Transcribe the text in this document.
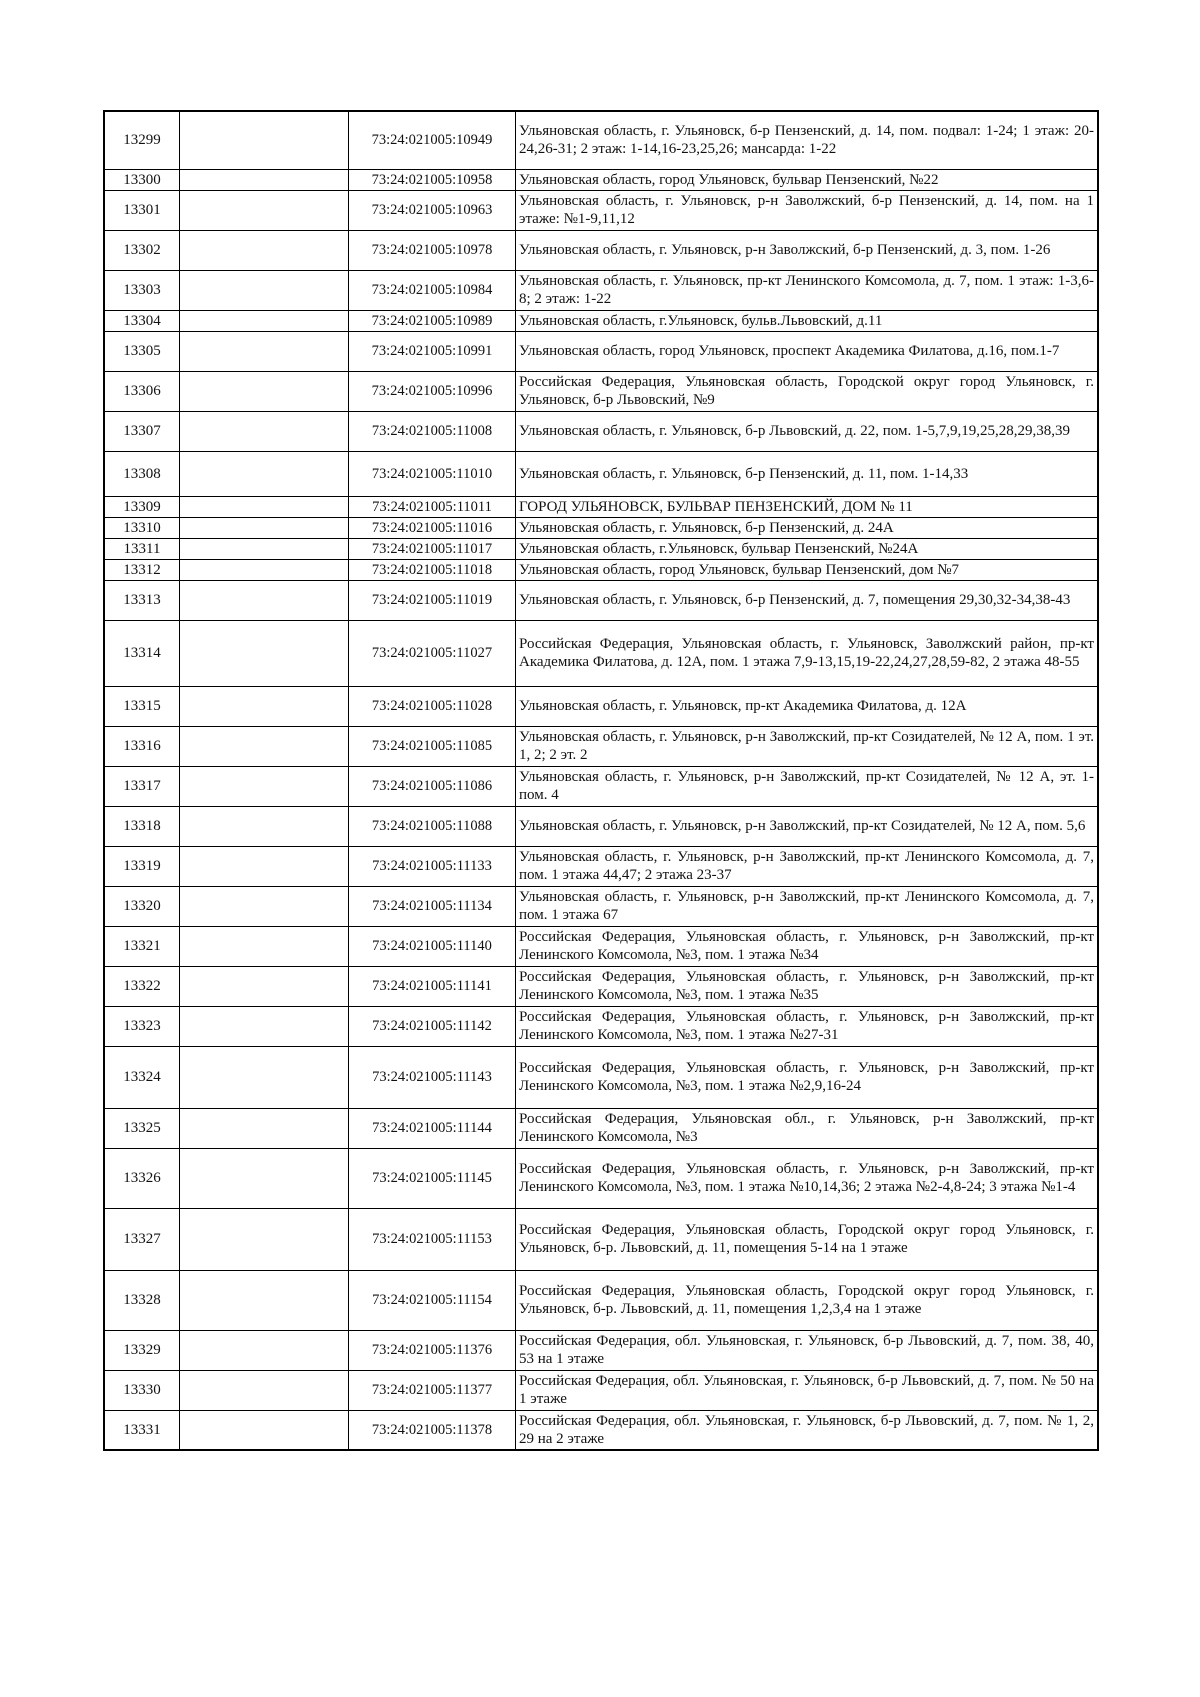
13299		73:24:021005:10949	Ульяновская область, г. Ульяновск, б-р Пензенский, д. 14, пом. подвал: 1-24; 1 этаж: 20-24,26-31; 2 этаж: 1-14,16-23,25,26; мансарда: 1-22
13300		73:24:021005:10958	Ульяновская область, город Ульяновск, бульвар Пензенский, №22
13301		73:24:021005:10963	Ульяновская область, г. Ульяновск, р-н Заволжский, б-р Пензенский, д. 14, пом. на 1 этаже: №1-9,11,12
13302		73:24:021005:10978	Ульяновская область, г. Ульяновск, р-н Заволжский, б-р Пензенский, д. 3, пом. 1-26
13303		73:24:021005:10984	Ульяновская область, г. Ульяновск, пр-кт Ленинского Комсомола, д. 7, пом. 1 этаж: 1-3,6-8; 2 этаж: 1-22
13304		73:24:021005:10989	Ульяновская область, г.Ульяновск, бульв.Львовский, д.11
13305		73:24:021005:10991	Ульяновская область, город Ульяновск, проспект Академика Филатова, д.16, пом.1-7
13306		73:24:021005:10996	Российская Федерация, Ульяновская область, Городской округ город Ульяновск, г. Ульяновск, б-р Львовский, №9
13307		73:24:021005:11008	Ульяновская область, г. Ульяновск, б-р Львовский, д. 22, пом. 1-5,7,9,19,25,28,29,38,39
13308		73:24:021005:11010	Ульяновская область, г. Ульяновск, б-р Пензенский, д. 11, пом. 1-14,33
13309		73:24:021005:11011	ГОРОД УЛЬЯНОВСК, БУЛЬВАР ПЕНЗЕНСКИЙ, ДОМ № 11
13310		73:24:021005:11016	Ульяновская область, г. Ульяновск, б-р Пензенский, д. 24А
13311		73:24:021005:11017	Ульяновская область, г.Ульяновск, бульвар Пензенский, №24А
13312		73:24:021005:11018	Ульяновская область, город Ульяновск, бульвар Пензенский, дом №7
13313		73:24:021005:11019	Ульяновская область, г. Ульяновск, б-р Пензенский, д. 7, помещения 29,30,32-34,38-43
13314		73:24:021005:11027	Российская Федерация, Ульяновская область, г. Ульяновск, Заволжский район, пр-кт Академика Филатова, д. 12А, пом. 1 этажа 7,9-13,15,19-22,24,27,28,59-82, 2 этажа 48-55
13315		73:24:021005:11028	Ульяновская область, г. Ульяновск, пр-кт Академика Филатова, д. 12А
13316		73:24:021005:11085	Ульяновская область, г. Ульяновск, р-н Заволжский, пр-кт Созидателей, № 12 А, пом. 1 эт. 1, 2; 2 эт. 2
13317		73:24:021005:11086	Ульяновская область, г. Ульяновск, р-н Заволжский, пр-кт Созидателей, № 12 А, эт. 1- пом. 4
13318		73:24:021005:11088	Ульяновская область, г. Ульяновск, р-н Заволжский, пр-кт Созидателей, № 12 А, пом. 5,6
13319		73:24:021005:11133	Ульяновская область, г. Ульяновск, р-н Заволжский, пр-кт Ленинского Комсомола, д. 7, пом. 1 этажа 44,47; 2 этажа 23-37
13320		73:24:021005:11134	Ульяновская область, г. Ульяновск, р-н Заволжский, пр-кт Ленинского Комсомола, д. 7, пом. 1 этажа 67
13321		73:24:021005:11140	Российская Федерация, Ульяновская область, г. Ульяновск, р-н Заволжский, пр-кт Ленинского Комсомола, №3, пом. 1 этажа №34
13322		73:24:021005:11141	Российская Федерация, Ульяновская область, г. Ульяновск, р-н Заволжский, пр-кт Ленинского Комсомола, №3, пом. 1 этажа №35
13323		73:24:021005:11142	Российская Федерация, Ульяновская область, г. Ульяновск, р-н Заволжский, пр-кт Ленинского Комсомола, №3, пом. 1 этажа №27-31
13324		73:24:021005:11143	Российская Федерация, Ульяновская область, г. Ульяновск, р-н Заволжский, пр-кт Ленинского Комсомола, №3, пом. 1 этажа №2,9,16-24
13325		73:24:021005:11144	Российская Федерация, Ульяновская обл., г. Ульяновск, р-н Заволжский, пр-кт Ленинского Комсомола, №3
13326		73:24:021005:11145	Российская Федерация, Ульяновская область, г. Ульяновск, р-н Заволжский, пр-кт Ленинского Комсомола, №3, пом. 1 этажа №10,14,36; 2 этажа №2-4,8-24; 3 этажа №1-4
13327		73:24:021005:11153	Российская Федерация, Ульяновская область, Городской округ город Ульяновск, г. Ульяновск, б-р. Львовский, д. 11, помещения 5-14 на 1 этаже
13328		73:24:021005:11154	Российская Федерация, Ульяновская область, Городской округ город Ульяновск, г. Ульяновск, б-р. Львовский, д. 11, помещения 1,2,3,4 на 1 этаже
13329		73:24:021005:11376	Российская Федерация, обл. Ульяновская, г. Ульяновск, б-р Львовский, д. 7, пом. 38, 40, 53 на 1 этаже
13330		73:24:021005:11377	Российская Федерация, обл. Ульяновская, г. Ульяновск, б-р Львовский, д. 7, пом. № 50 на 1 этаже
13331		73:24:021005:11378	Российская Федерация, обл. Ульяновская, г. Ульяновск, б-р Львовский, д. 7, пом. № 1, 2, 29 на 2 этаже
